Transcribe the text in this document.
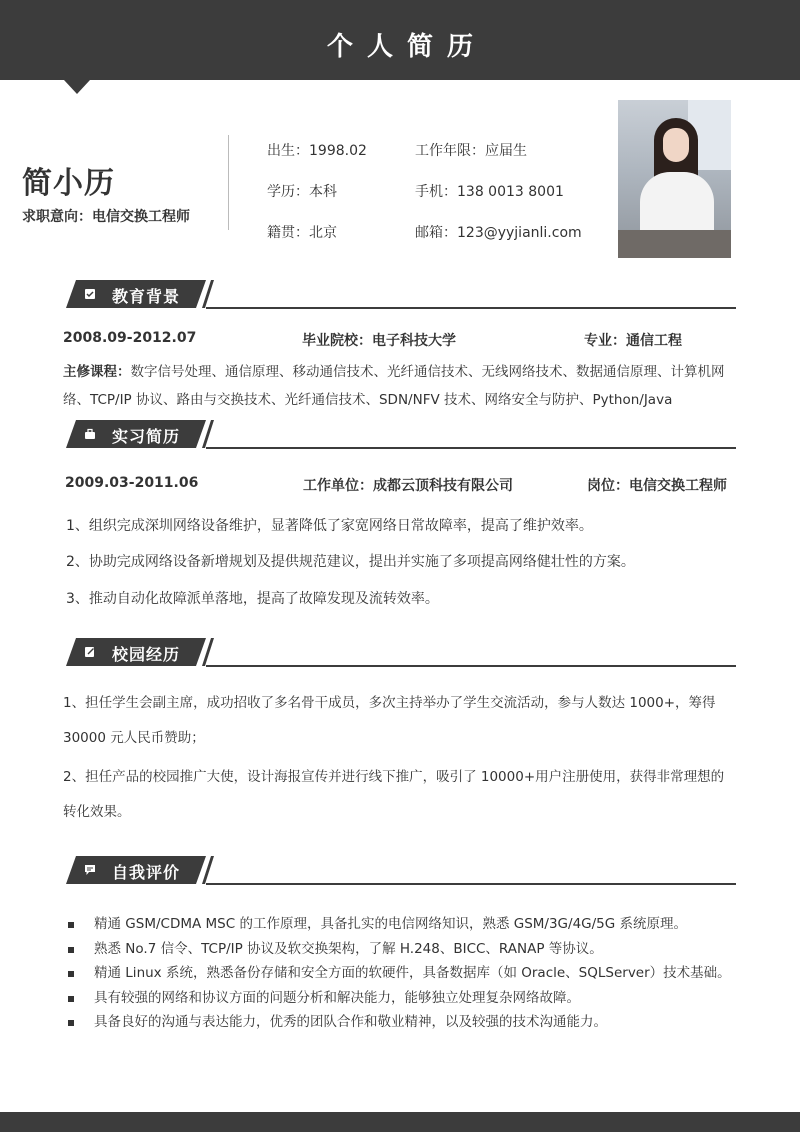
个人简历
简小历
求职意向：电信交换工程师
出生：1998.02	工作年限：应届生
学历：本科	手机：138 0013 8001
籍贯：北京	邮箱：123@yyjianli.com
教育背景
2008.09-2012.07	毕业院校：电子科技大学	专业：通信工程
主修课程：数字信号处理、通信原理、移动通信技术、光纤通信技术、无线网络技术、数据通信原理、计算机网络、TCP/IP 协议、路由与交换技术、光纤通信技术、SDN/NFV 技术、网络安全与防护、Python/Java
实习简历
2009.03-2011.06	工作单位：成都云顶科技有限公司	岗位：电信交换工程师
1、组织完成深圳网络设备维护，显著降低了家宽网络日常故障率，提高了维护效率。
2、协助完成网络设备新增规划及提供规范建议，提出并实施了多项提高网络健壮性的方案。
3、推动自动化故障派单落地，提高了故障发现及流转效率。
校园经历
1、担任学生会副主席，成功招收了多名骨干成员，多次主持举办了学生交流活动，参与人数达 1000+，筹得 30000 元人民币赞助；
2、担任产品的校园推广大使，设计海报宣传并进行线下推广，吸引了 10000+用户注册使用，获得非常理想的转化效果。
自我评价
精通 GSM/CDMA MSC 的工作原理，具备扎实的电信网络知识，熟悉 GSM/3G/4G/5G 系统原理。
熟悉 No.7 信令、TCP/IP 协议及软交换架构，了解 H.248、BICC、RANAP 等协议。
精通 Linux 系统，熟悉备份存储和安全方面的软硬件，具备数据库（如 Oracle、SQLServer）技术基础。
具有较强的网络和协议方面的问题分析和解决能力，能够独立处理复杂网络故障。
具备良好的沟通与表达能力，优秀的团队合作和敬业精神，以及较强的技术沟通能力。
